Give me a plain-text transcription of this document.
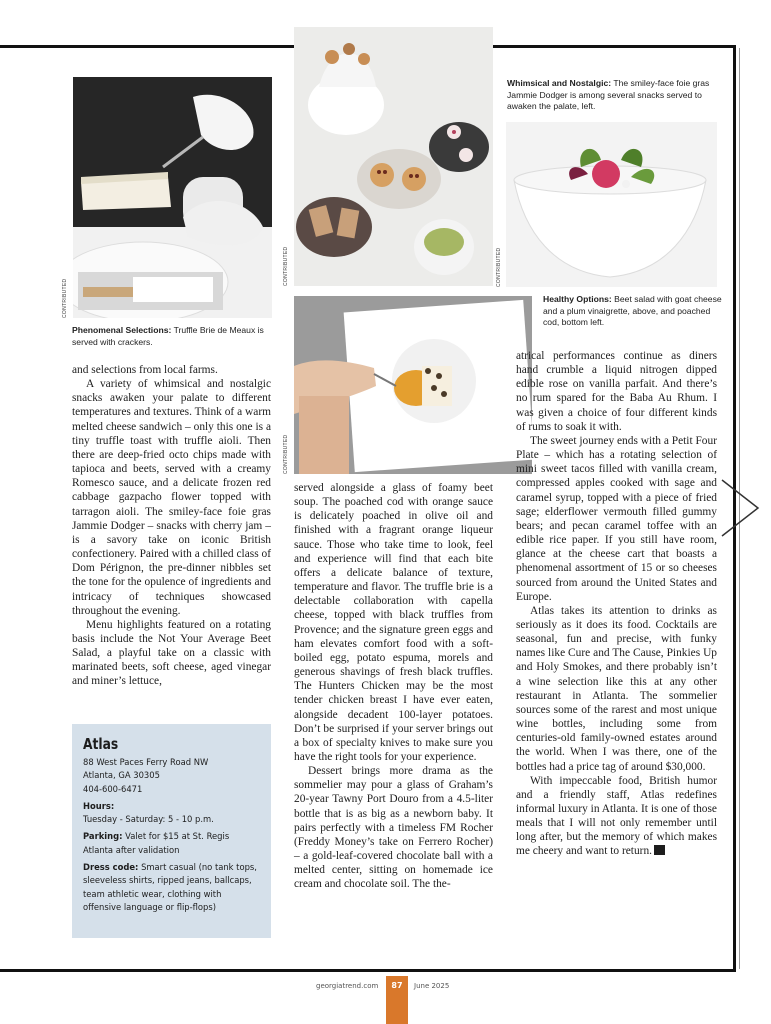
CONTRIBUTED
Phenomenal Selections: Truffle Brie de Meaux is served with crackers.
CONTRIBUTED
CONTRIBUTED
Whimsical and Nostalgic: The smiley-face foie gras Jammie Dodger is among several snacks served to awaken the palate, left.
CONTRIBUTED
Healthy Options: Beet salad with goat cheese and a plum vinaigrette, above, and poached cod, bottom left.

and selections from local farms.

A variety of whimsical and nostalgic snacks awaken your palate to different temperatures and textures. Think of a warm melted cheese sandwich – only this one is a tiny truffle toast with truffle aioli. Then there are deep-fried octo chips made with tapioca and beets, served with a creamy Romesco sauce, and a delicate frozen red cabbage gazpacho flower topped with tarragon aioli. The smiley-face foie gras Jammie Dodger – snacks with cherry jam – is a savory take on iconic British confectionery. Paired with a chilled class of Dom Pérignon, the pre-dinner nibbles set the tone for the opulence of ingredients and intricacy of techniques showcased throughout the evening.

Menu highlights featured on a rotating basis include the Not Your Average Beet Salad, a playful take on a classic with marinated beets, soft cheese, aged vinegar and miner’s lettuce,

served alongside a glass of foamy beet soup. The poached cod with orange sauce is delicately poached in olive oil and finished with a fragrant orange liqueur sauce. Those who take time to look, feel and experience will find that each bite offers a delicate balance of texture, temperature and flavor. The truffle brie is a delectable collaboration with capella cheese, topped with black truffles from Provence; and the signature green eggs and ham elevates comfort food with a soft-boiled egg, potato espuma, morels and generous shavings of fresh black truffles. The Hunters Chicken may be the most tender chicken breast I have ever eaten, alongside decadent 100-layer potatoes. Don’t be surprised if your server brings out a box of specialty knives to make sure you have the right tools for your experience.

Dessert brings more drama as the sommelier may pour a glass of Graham’s 20-year Tawny Port Douro from a 4.5-liter bottle that is as big as a newborn baby. It pairs perfectly with a timeless FM Rocher (Freddy Money’s take on Ferrero Rocher) – a gold-leaf-covered chocolate ball with a melted center, sitting on homemade ice cream and chocolate soil. The the-

atrical performances continue as diners hand crumble a liquid nitrogen dipped edible rose on vanilla parfait. And there’s no rum spared for the Baba Au Rhum. I was given a choice of four different kinds of rums to soak it with.

The sweet journey ends with a Petit Four Plate – which has a rotating selection of mini sweet tacos filled with vanilla cream, compressed apples cooked with sage and caramel syrup, topped with a piece of fried sage; elderflower vermouth filled gummy bears; and pecan caramel toffee with an edible rice paper. If you still have room, glance at the cheese cart that boasts a phenomenal assortment of 15 or so cheeses sourced from around the United States and Europe.

Atlas takes its attention to drinks as seriously as it does its food. Cocktails are seasonal, fun and precise, with funky names like Cure and The Cause, Pinkies Up and Holy Smokes, and there probably isn’t a wine selection like this at any other restaurant in Atlanta. The sommelier sources some of the rarest and most unique wine bottles, including some from centuries-old family-owned estates around the world. When I was there, one of the bottles had a price tag of around $30,000.

With impeccable food, British humor and a friendly staff, Atlas redefines informal luxury in Atlanta. It is one of those meals that I will not only remember until long after, but the memory of which makes me cheery and want to return.

Atlas
88 West Paces Ferry Road NW
Atlanta, GA 30305
404-600-6471
Hours:
Tuesday - Saturday: 5 - 10 p.m.
Parking: Valet for $15 at St. Regis Atlanta after validation
Dress code: Smart casual (no tank tops, sleeveless shirts, ripped jeans, ballcaps, team athletic wear, clothing with offensive language or flip-flops)
georgiatrend.com	87	June 2025
